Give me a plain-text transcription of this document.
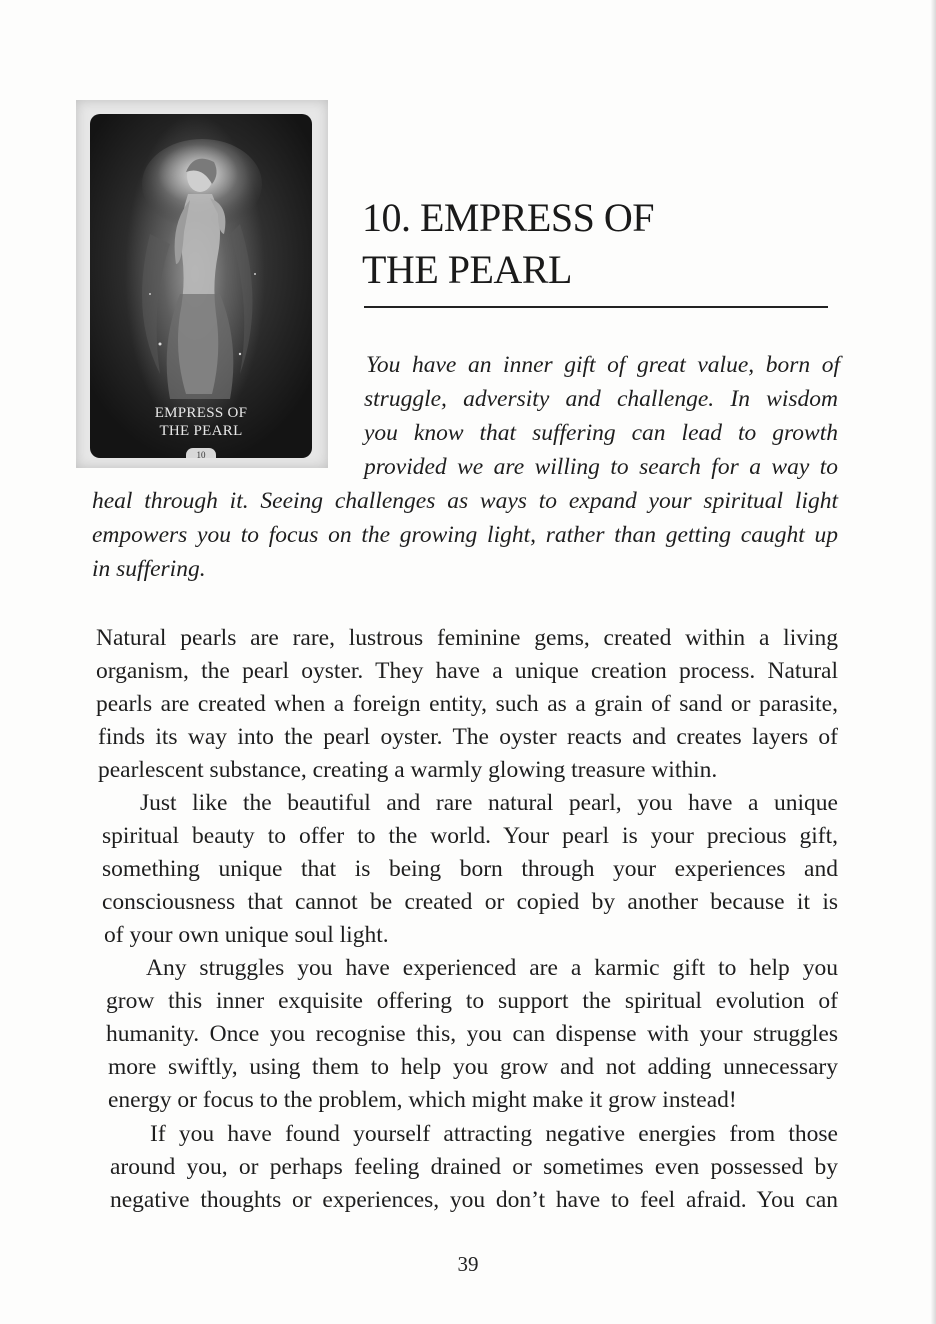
EMPRESS OF
THE PEARL
10
10. EMPRESS OF
THE PEARL
You have an inner gift of great value, born of
struggle, adversity and challenge. In wisdom
you know that suffering can lead to growth
provided we are willing to search for a way to
heal through it. Seeing challenges as ways to expand your spiritual light
empowers you to focus on the growing light, rather than getting caught up
in suffering.
Natural pearls are rare, lustrous feminine gems, created within a living
organism, the pearl oyster. They have a unique creation process. Natural
pearls are created when a foreign entity, such as a grain of sand or parasite,
finds its way into the pearl oyster. The oyster reacts and creates layers of
pearlescent substance, creating a warmly glowing treasure within.
Just like the beautiful and rare natural pearl, you have a unique
spiritual beauty to offer to the world. Your pearl is your precious gift,
something unique that is being born through your experiences and
consciousness that cannot be created or copied by another because it is
of your own unique soul light.
Any struggles you have experienced are a karmic gift to help you
grow this inner exquisite offering to support the spiritual evolution of
humanity. Once you recognise this, you can dispense with your struggles
more swiftly, using them to help you grow and not adding unnecessary
energy or focus to the problem, which might make it grow instead!
If you have found yourself attracting negative energies from those
around you, or perhaps feeling drained or sometimes even possessed by
negative thoughts or experiences, you don’t have to feel afraid. You can
39
